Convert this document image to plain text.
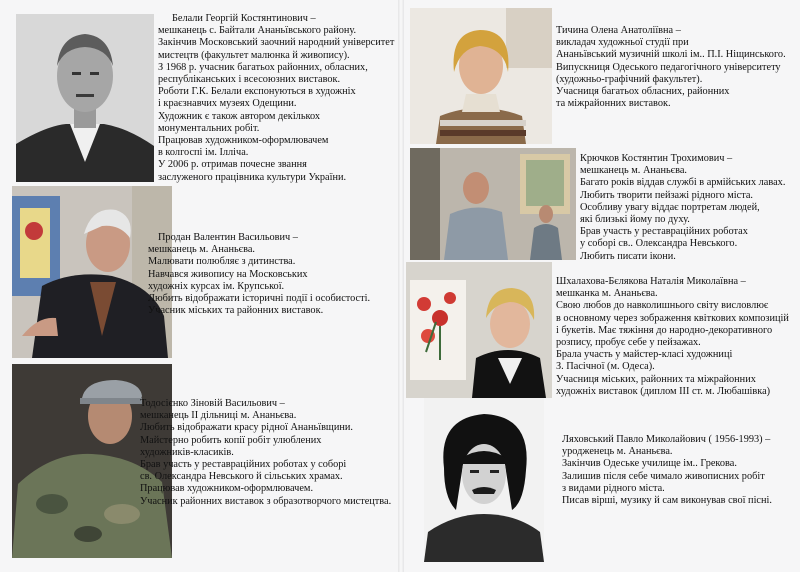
Белали Георгій Костянтинович –
мешканець с. Байтали Ананьївського району.
Закінчив Московський заочний народний університет
мистецтв (факультет малюнка й живопису).
З 1968 р. учасник багатьох районних, обласних,
республіканських і всесоюзних виставок.
Роботи Г.К. Белали експонуються в художніх
і краєзнавчих музеях Одещини.
Художник є також автором декількох
монументальних робіт.
Працював художником-оформлювачем
в колгоспі ім. Ілліча.
У 2006 р. отримав почесне звання
заслуженого працівника культури України.
Продан Валентин Васильович –
мешканець м. Ананьєва.
Малювати полюбляє з дитинства.
Навчався живопису на Московських
художніх курсах ім. Крупської.
Любить відображати історичні події і особистості.
Учасник міських та районних виставок.
Тодосієнко Зіновій Васильович –
мешканець II дільниці м. Ананьєва.
Любить відображати красу рідної Ананьївщини.
Майстерно робить копії робіт улюблених
художників-класиків.
Брав участь у реставраційних роботах у соборі
св. Олександра Невського й сільських храмах.
Працював художником-оформлювачем.
Учасник районних виставок з образотворчого мистецтва.
Тичина Олена Анатоліївна –
викладач художньої студії при
Ананьївський музичній школі ім.. П.І. Ніщинського.
Випускниця Одеського педагогічного університету
(художньо-графічний факультет).
Учасниця багатьох обласних, районних
та міжрайонних виставок.
Крючков Костянтин Трохимович –
мешканець м. Ананьєва.
Багато років віддав службі в армійських лавах.
Любить творити пейзажі рідного міста.
Особливу увагу віддає портретам людей,
які близькі йому по духу.
Брав участь у реставраційних роботах
у соборі св.. Олександра Невського.
Любить писати ікони.
Шхалахова-Бєлякова Наталія Миколаївна –
мешканка м. Ананьєва.
Свою любов до навколишнього світу висловлює
в основному через зображення квіткових композицій
і букетів. Має тяжіння до народно-декоративного
розпису, пробує себе у пейзажах.
Брала участь у майстер-класі художниці
З. Пасічної (м. Одеса).
Учасниця міських, районних та міжрайонних
художніх виставок (диплом III ст. м. Любашівка)
Ляховський Павло Миколайович ( 1956-1993) –
уродженець м. Ананьєва.
Закінчив Одеське училище ім.. Грекова.
Залишив після себе чимало живописних робіт
з видами рідного міста.
Писав вірші, музику й сам виконував свої пісні.
